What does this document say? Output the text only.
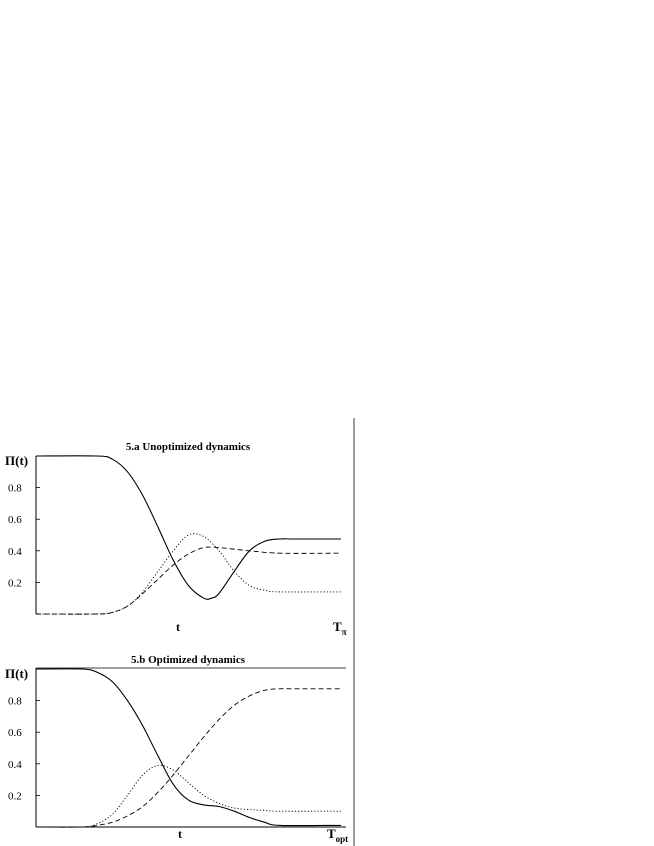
5.a Unoptimized dynamics
Π(t)
0.8
0.6
0.4
0.2
t	$T_\pi$
5.b Optimized dynamics
Π(t)
0.8
0.6
0.4
0.2
t	$T_{opt}$
